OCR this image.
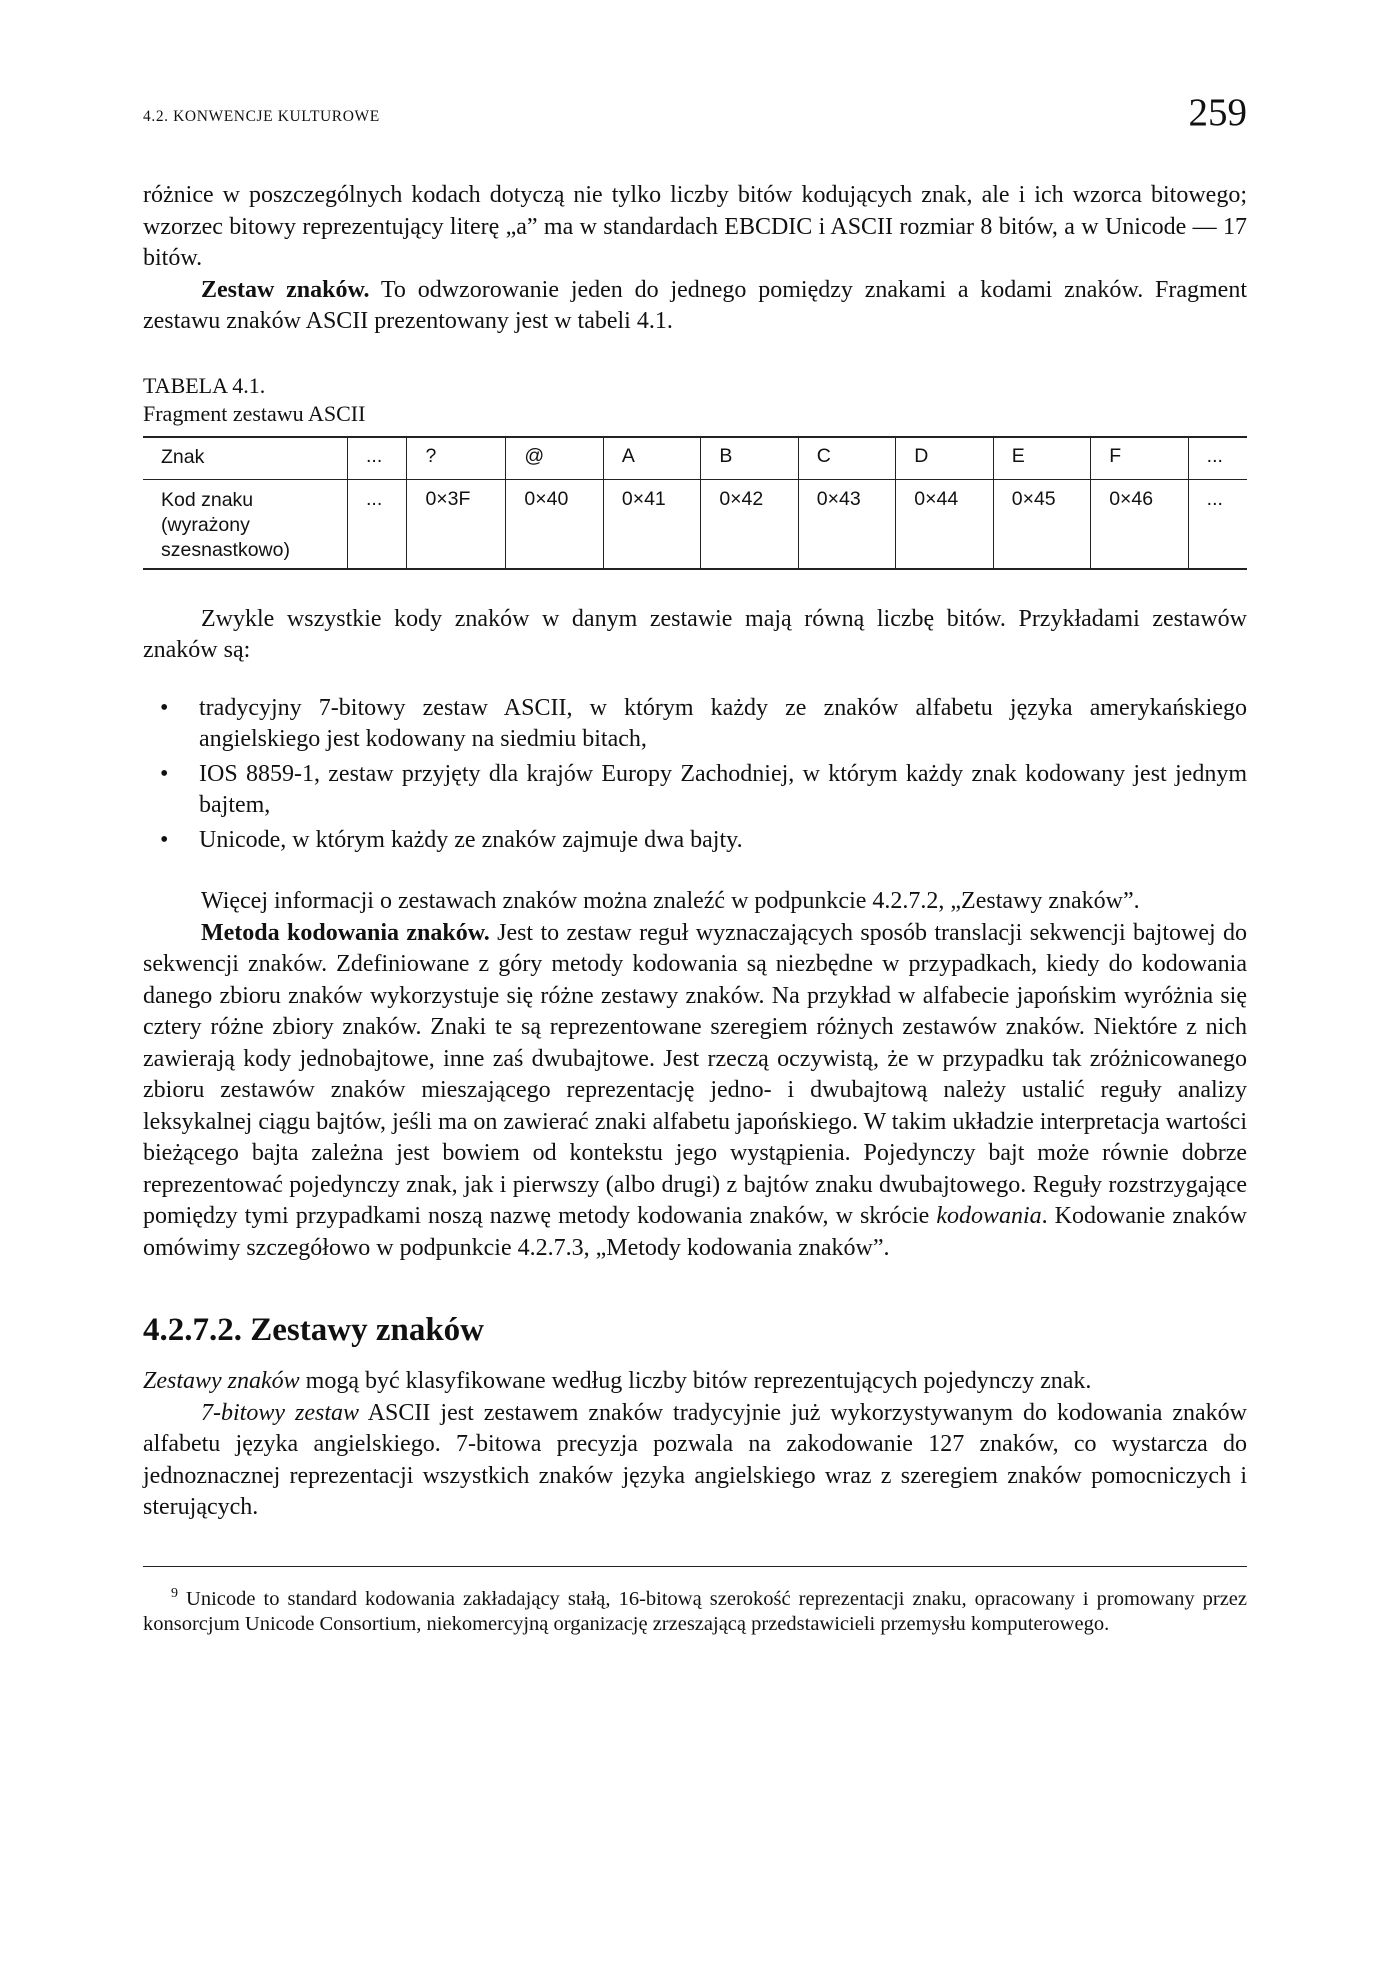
4.2. KONWENCJE KULTUROWE	259

różnice w poszczególnych kodach dotyczą nie tylko liczby bitów kodujących znak, ale i ich wzorca bitowego; wzorzec bitowy reprezentujący literę „a” ma w standardach EBCDIC i ASCII rozmiar 8 bitów, a w Unicode — 17 bitów.

Zestaw znaków. To odwzorowanie jeden do jednego pomiędzy znakami a kodami znaków. Fragment zestawu znaków ASCII prezentowany jest w tabeli 4.1.

TABELA 4.1.
Fragment zestawu ASCII
Znak	...	?	@	A	B	C	D	E	F	...

Kod znaku
(wyrażony
szesnastkowo)	...	0×3F	0×40	0×41	0×42	0×43	0×44	0×45	0×46	...

Zwykle wszystkie kody znaków w danym zestawie mają równą liczbę bitów. Przykładami zestawów znaków są:

• tradycyjny 7-bitowy zestaw ASCII, w którym każdy ze znaków alfabetu języka amerykańskiego angielskiego jest kodowany na siedmiu bitach,
• IOS 8859-1, zestaw przyjęty dla krajów Europy Zachodniej, w którym każdy znak kodowany jest jednym bajtem,
• Unicode, w którym każdy ze znaków zajmuje dwa bajty.

Więcej informacji o zestawach znaków można znaleźć w podpunkcie 4.2.7.2, „Zestawy znaków”.

Metoda kodowania znaków. Jest to zestaw reguł wyznaczających sposób translacji sekwencji bajtowej do sekwencji znaków. Zdefiniowane z góry metody kodowania są niezbędne w przypadkach, kiedy do kodowania danego zbioru znaków wykorzystuje się różne zestawy znaków. Na przykład w alfabecie japońskim wyróżnia się cztery różne zbiory znaków. Znaki te są reprezentowane szeregiem różnych zestawów znaków. Niektóre z nich zawierają kody jednobajtowe, inne zaś dwubajtowe. Jest rzeczą oczywistą, że w przypadku tak zróżnicowanego zbioru zestawów znaków mieszającego reprezentację jedno- i dwubajtową należy ustalić reguły analizy leksykalnej ciągu bajtów, jeśli ma on zawierać znaki alfabetu japońskiego. W takim układzie interpretacja wartości bieżącego bajta zależna jest bowiem od kontekstu jego wystąpienia. Pojedynczy bajt może równie dobrze reprezentować pojedynczy znak, jak i pierwszy (albo drugi) z bajtów znaku dwubajtowego. Reguły rozstrzygające pomiędzy tymi przypadkami noszą nazwę metody kodowania znaków, w skrócie kodowania. Kodowanie znaków omówimy szczegółowo w podpunkcie 4.2.7.3, „Metody kodowania znaków”.

4.2.7.2. Zestawy znaków

Zestawy znaków mogą być klasyfikowane według liczby bitów reprezentujących pojedynczy znak.

7-bitowy zestaw ASCII jest zestawem znaków tradycyjnie już wykorzystywanym do kodowania znaków alfabetu języka angielskiego. 7-bitowa precyzja pozwala na zakodowanie 127 znaków, co wystarcza do jednoznacznej reprezentacji wszystkich znaków języka angielskiego wraz z szeregiem znaków pomocniczych i sterujących.

$^9$ Unicode to standard kodowania zakładający stałą, 16-bitową szerokość reprezentacji znaku, opracowany i promowany przez konsorcjum Unicode Consortium, niekomercyjną organizację zrzeszającą przedstawicieli przemysłu komputerowego.
